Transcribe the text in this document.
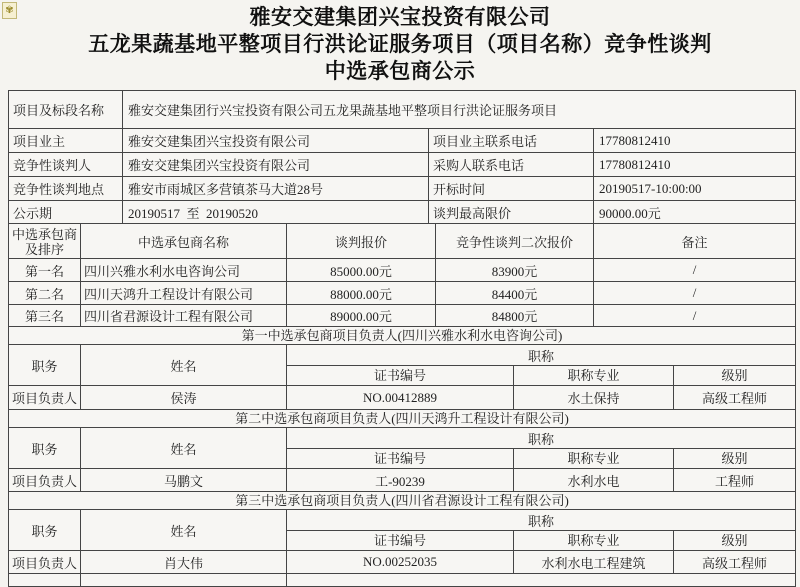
✾	雅安交建集团兴宝投资有限公司
五龙果蔬基地平整项目行洪论证服务项目（项目名称）竞争性谈判
中选承包商公示
项目及标段名称	雅安交建集团行兴宝投资有限公司五龙果蔬基地平整项目行洪论证服务项目		
项目业主	雅安交建集团兴宝投资有限公司	项目业主联系电话	17780812410
竞争性谈判人	雅安交建集团兴宝投资有限公司	采购人联系电话	17780812410
竞争性谈判地点	雅安市雨城区多营镇茶马大道28号	开标时间	20190517-10:00:00
公示期	20190517  至  20190520	谈判最高限价	90000.00元
中选承包商
及排序	中选承包商名称	谈判报价	竞争性谈判二次报价	备注
第一名	四川兴雅水利水电咨询公司	85000.00元	83900元	/
第二名	四川天鸿升工程设计有限公司	88000.00元	84400元	/
第三名	四川省君源设计工程有限公司	89000.00元	84800元	/
第一中选承包商项目负责人(四川兴雅水利水电咨询公司)				
职务	姓名	职称		
		证书编号	职称专业	级别
项目负责人	侯涛	NO.00412889	水土保持	高级工程师
第二中选承包商项目负责人(四川天鸿升工程设计有限公司)				
职务	姓名	职称		
		证书编号	职称专业	级别
项目负责人	马鹏文	工-90239	水利水电	工程师
第三中选承包商项目负责人(四川省君源设计工程有限公司)				
职务	姓名	职称		
		证书编号	职称专业	级别
项目负责人	肖大伟	NO.00252035	水利水电工程建筑	高级工程师
